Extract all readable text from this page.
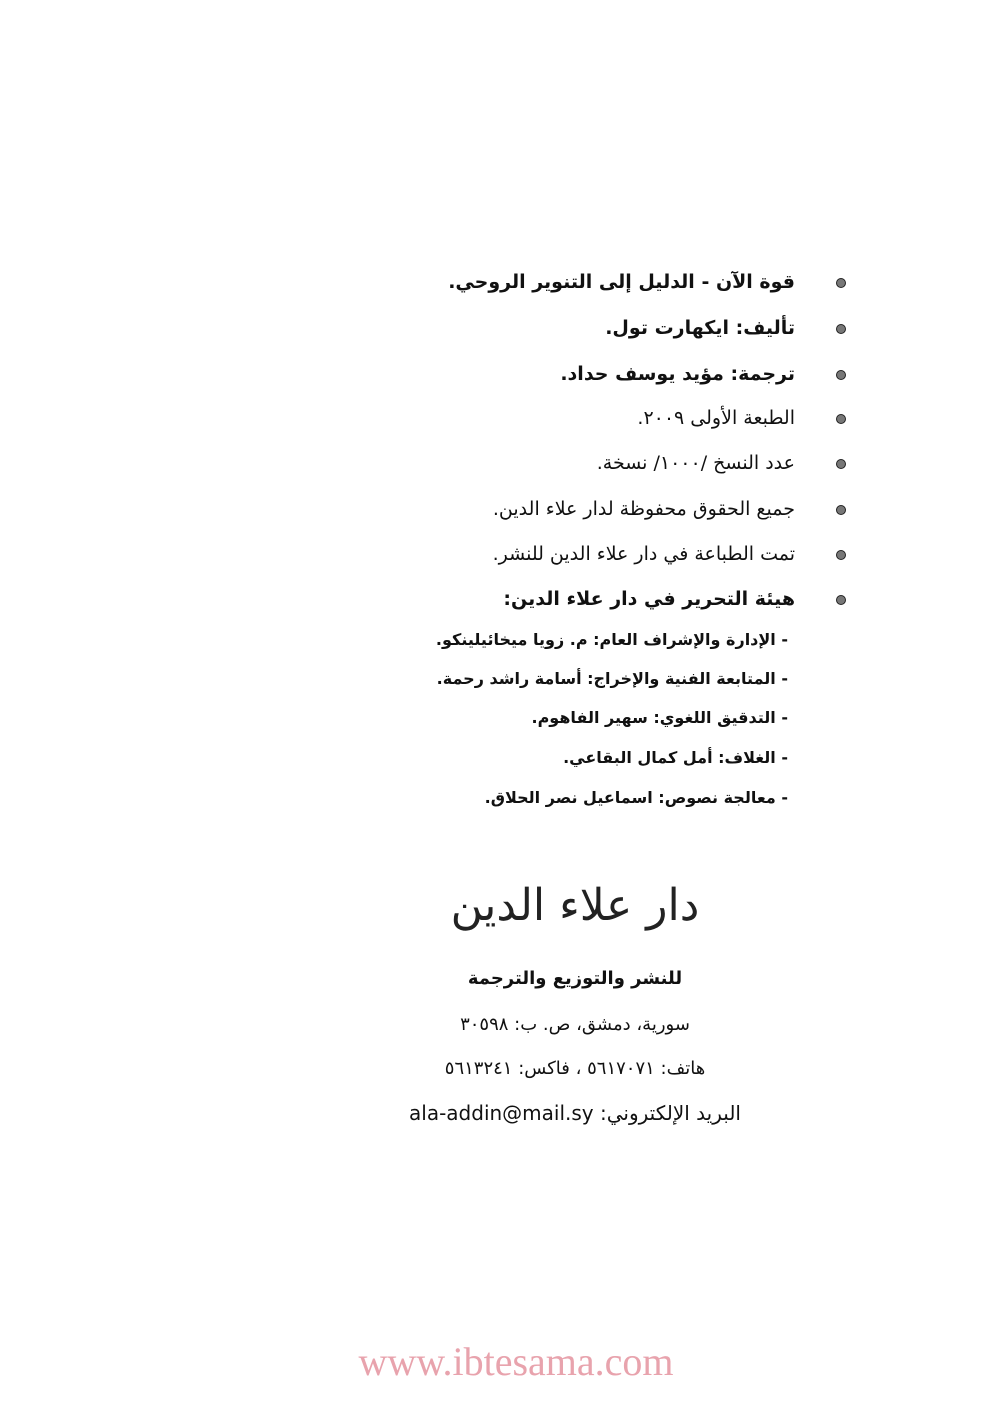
قوة الآن - الدليل إلى التنوير الروحي.
تأليف: ايكهارت تول.
ترجمة: مؤيد يوسف حداد.
الطبعة الأولى ٢٠٠٩.
عدد النسخ /١٠٠٠/ نسخة.
جميع الحقوق محفوظة لدار علاء الدين.
تمت الطباعة في دار علاء الدين للنشر.
هيئة التحرير في دار علاء الدين:
- الإدارة والإشراف العام: م. زويا ميخائيلينكو.
- المتابعة الفنية والإخراج: أسامة راشد رحمة.
- التدقيق اللغوي: سهير الفاهوم.
- الغلاف: أمل كمال البقاعي.
- معالجة نصوص: اسماعيل نصر الحلاق.
دار علاء الدين
للنشر والتوزيع والترجمة
سورية، دمشق، ص. ب: ٣٠٥٩٨
هاتف: ٥٦١٧٠٧١ ، فاكس: ٥٦١٣٢٤١
البريد الإلكتروني: ala-addin@mail.sy
www.ibtesama.com
